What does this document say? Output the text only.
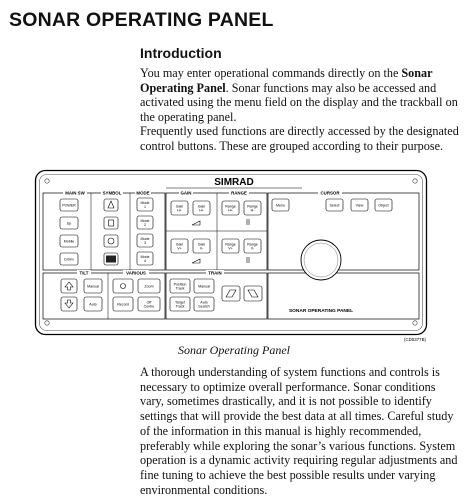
SONAR OPERATING PANEL
Introduction
You may enter operational commands directly on the Sonar Operating Panel. Sonar functions may also be accessed and activated using the menu field on the display and the trackball on the operating panel.
Frequently used functions are directly accessed by the designated control buttons. These are grouped according to their purpose.
SIMRAD
MAIN SW	SYMBOL	MODE	GAIN	RANGE	CURSOR
TILT	VARIOUS	TRAIN
POWER
Up
Mobile
Dimm
Mode
1
Mode
2
Mode
3
Mode
4
Gain
H+
Gain
H+
Gain
V+
Gain
V-
Range
H+
Range
H-
Range
V+
Range
V-
Menu	Select	View	Object
Manual
Auto
Zoom
Record	Off
Centre
Position
Track	Manual
Target
Track
Auto
Search
SONAR OPERATING PANEL
(CD5377B)
Sonar Operating Panel
A thorough understanding of system functions and controls is necessary to optimize overall performance. Sonar conditions vary, sometimes drastically, and it is not possible to identify settings that will provide the best data at all times. Careful study of the information in this manual is highly recommended, preferably while exploring the sonar’s various functions. System operation is a dynamic activity requiring regular adjustments and fine tuning to achieve the best possible results under varying environmental conditions.
